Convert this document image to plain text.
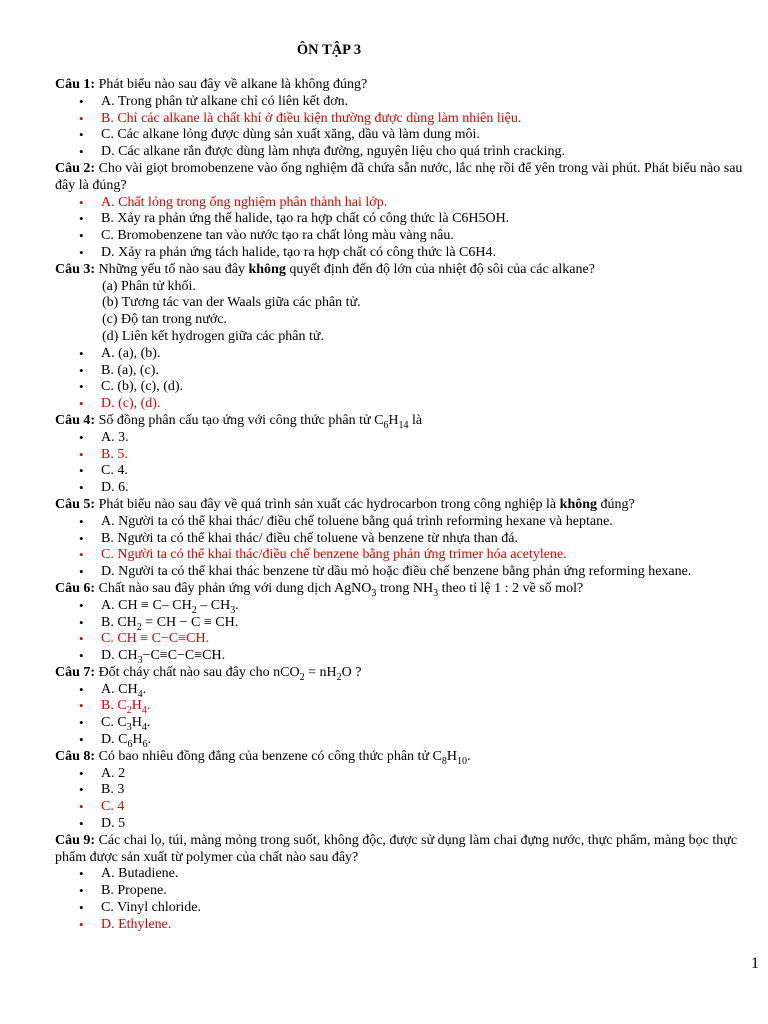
ÔN TẬP 3

Câu 1: Phát biểu nào sau đây về alkane là không đúng?

• A. Trong phân tử alkane chỉ có liên kết đơn.
• B. Chỉ các alkane là chất khí ở điều kiện thường được dùng làm nhiên liệu.
• C. Các alkane lỏng được dùng sản xuất xăng, dầu và làm dung môi.
• D. Các alkane rắn được dùng làm nhựa đường, nguyên liệu cho quá trình cracking.

Câu 2: Cho vài giọt bromobenzene vào ống nghiệm đã chứa sẵn nước, lắc nhẹ rồi để yên trong vài phút. Phát biểu nào sau đây là đúng?

• A. Chất lỏng trong ống nghiệm phân thành hai lớp.
• B. Xảy ra phản ứng thế halide, tạo ra hợp chất có công thức là C6H5OH.
• C. Bromobenzene tan vào nước tạo ra chất lỏng màu vàng nâu.
• D. Xảy ra phản ứng tách halide, tạo ra hợp chất có công thức là C6H4.

Câu 3: Những yếu tố nào sau đây không quyết định đến độ lớn của nhiệt độ sôi của các alkane?

(a) Phân tử khối.
(b) Tương tác van der Waals giữa các phân tử.
(c) Độ tan trong nước.
(d) Liên kết hydrogen giữa các phân tử.
• A. (a), (b).
• B. (a), (c).
• C. (b), (c), (d).
• D. (c), (d).

Câu 4: Số đồng phân cấu tạo ứng với công thức phân tử $C_6H_{14}$ là

• A. 3.
• B. 5.
• C. 4.
• D. 6.

Câu 5: Phát biểu nào sau đây về quá trình sản xuất các hydrocarbon trong công nghiệp là không đúng?

• A. Người ta có thể khai thác/ điều chế toluene bằng quá trình reforming hexane và heptane.
• B. Người ta có thể khai thác/ điều chế toluene và benzene từ nhựa than đá.
• C. Người ta có thể khai thác/điều chế benzene bằng phản ứng trimer hóa acetylene.
• D. Người ta có thể khai thác benzene từ dầu mỏ hoặc điều chế benzene bằng phản ứng reforming hexane.

Câu 6: Chất nào sau đây phản ứng với dung dịch AgNO$_3$ trong $NH_3$ theo tỉ lệ 1 : 2 về số mol?

• A. CH ≡ C– $CH_2 - CH_3$.
• B. $CH_2$ = CH − C ≡ CH.
• C. CH ≡ C−C≡CH.
• D. $CH_3-C\equiv C-C\equiv CH$.

Câu 7: Đốt cháy chất nào sau đây cho $nCO_2 = nH_2O$ ?

• A. $CH_4$.
• B. $C_2H_4$.
• C. $C_3H_4$.
• D. $C_6H_6$.

Câu 8: Có bao nhiêu đồng đẳng của benzene có công thức phân tử $C_8H_{10}$.

• A. 2
• B. 3
• C. 4
• D. 5

Câu 9: Các chai lọ, túi, màng mỏng trong suốt, không độc, được sử dụng làm chai đựng nước, thực phẩm, màng bọc thực phẩm được sản xuất từ polymer của chất nào sau đây?

• A. Butadiene.
• B. Propene.
• C. Vinyl chloride.
• D. Ethylene.
1
